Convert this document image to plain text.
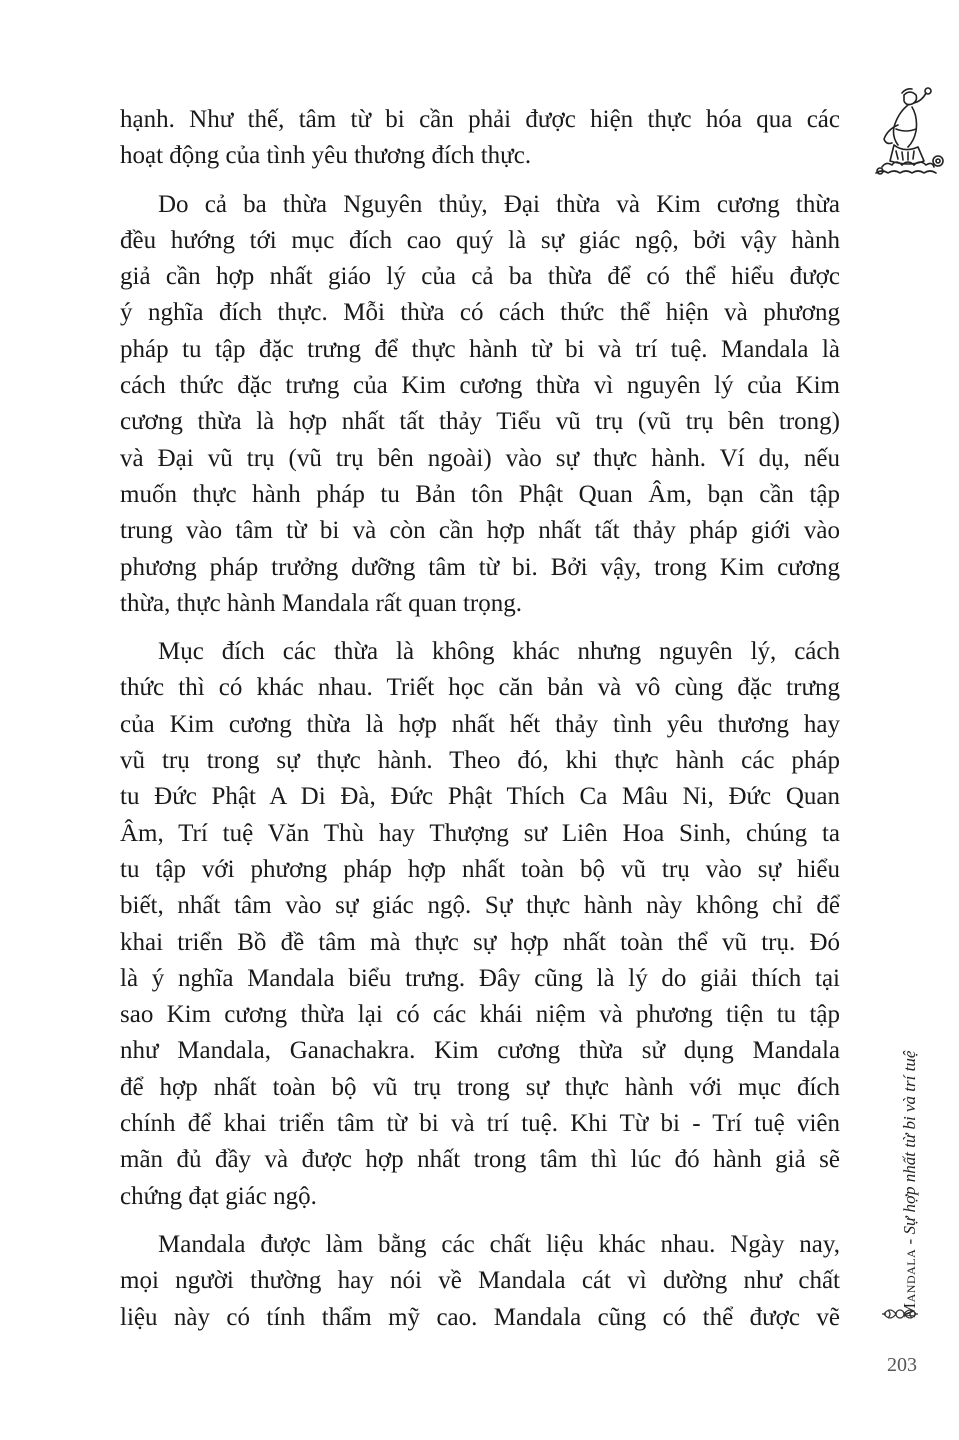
hạnh. Như thế, tâm từ bi cần phải được hiện thực hóa qua các
hoạt động của tình yêu thương đích thực.

Do cả ba thừa Nguyên thủy, Đại thừa và Kim cương thừa
đều hướng tới mục đích cao quý là sự giác ngộ, bởi vậy hành
giả cần hợp nhất giáo lý của cả ba thừa để có thể hiểu được
ý nghĩa đích thực. Mỗi thừa có cách thức thể hiện và phương
pháp tu tập đặc trưng để thực hành từ bi và trí tuệ. Mandala là
cách thức đặc trưng của Kim cương thừa vì nguyên lý của Kim
cương thừa là hợp nhất tất thảy Tiểu vũ trụ (vũ trụ bên trong)
và Đại vũ trụ (vũ trụ bên ngoài) vào sự thực hành. Ví dụ, nếu
muốn thực hành pháp tu Bản tôn Phật Quan Âm, bạn cần tập
trung vào tâm từ bi và còn cần hợp nhất tất thảy pháp giới vào
phương pháp trưởng dưỡng tâm từ bi. Bởi vậy, trong Kim cương
thừa, thực hành Mandala rất quan trọng.

Mục đích các thừa là không khác nhưng nguyên lý, cách
thức thì có khác nhau. Triết học căn bản và vô cùng đặc trưng
của Kim cương thừa là hợp nhất hết thảy tình yêu thương hay
vũ trụ trong sự thực hành. Theo đó, khi thực hành các pháp
tu Đức Phật A Di Đà, Đức Phật Thích Ca Mâu Ni, Đức Quan
Âm, Trí tuệ Văn Thù hay Thượng sư Liên Hoa Sinh, chúng ta
tu tập với phương pháp hợp nhất toàn bộ vũ trụ vào sự hiểu
biết, nhất tâm vào sự giác ngộ. Sự thực hành này không chỉ để
khai triển Bồ đề tâm mà thực sự hợp nhất toàn thể vũ trụ. Đó
là ý nghĩa Mandala biểu trưng. Đây cũng là lý do giải thích tại
sao Kim cương thừa lại có các khái niệm và phương tiện tu tập
như Mandala, Ganachakra. Kim cương thừa sử dụng Mandala
để hợp nhất toàn bộ vũ trụ trong sự thực hành với mục đích
chính để khai triển tâm từ bi và trí tuệ. Khi Từ bi - Trí tuệ viên
mãn đủ đầy và được hợp nhất trong tâm thì lúc đó hành giả sẽ
chứng đạt giác ngộ.

Mandala được làm bằng các chất liệu khác nhau. Ngày nay,
mọi người thường hay nói về Mandala cát vì dường như chất
liệu này có tính thẩm mỹ cao. Mandala cũng có thể được vẽ	Mandala - Sự hợp nhất từ bi và trí tuệ
203
